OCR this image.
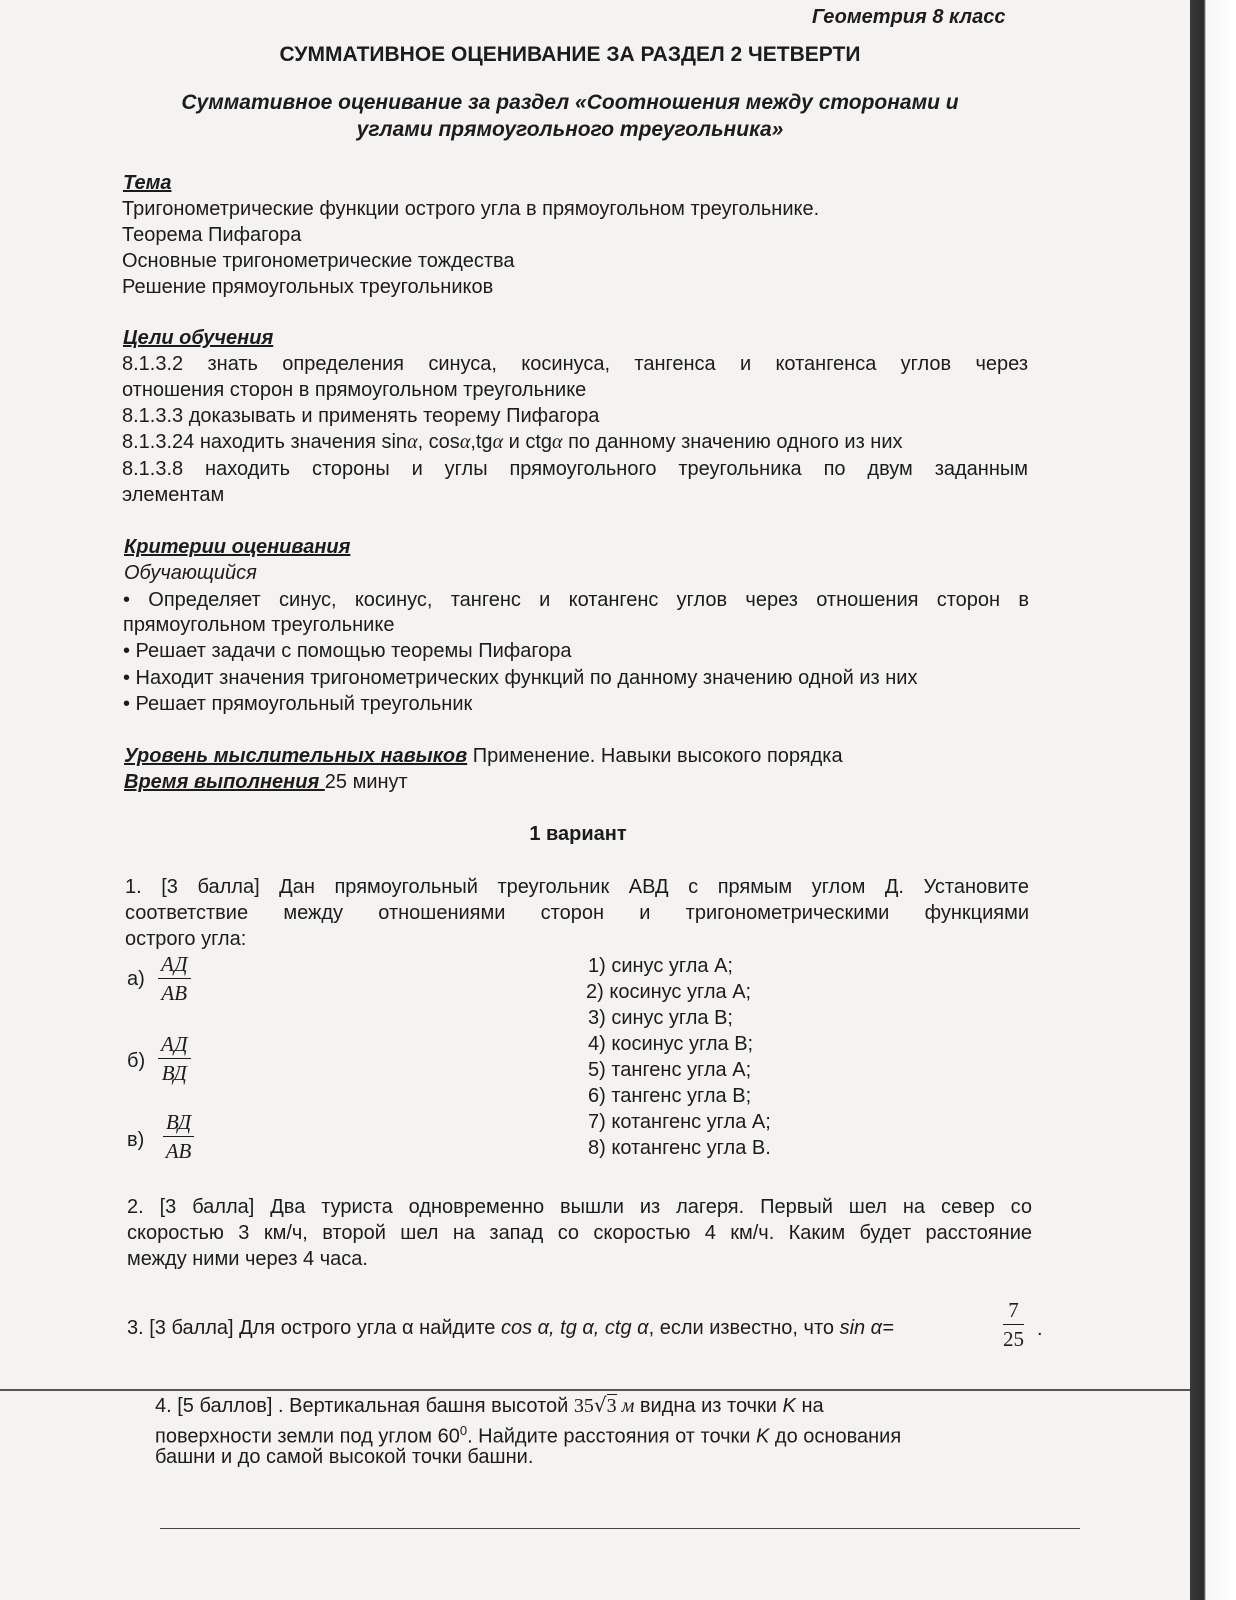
Геометрия 8 класс
СУММАТИВНОЕ ОЦЕНИВАНИЕ ЗА РАЗДЕЛ 2 ЧЕТВЕРТИ
Суммативное оценивание за раздел «Соотношения между сторонами и
углами прямоугольного треугольника»
Тема
Тригонометрические функции острого угла в прямоугольном треугольнике.
Теорема Пифагора
Основные тригонометрические тождества
Решение прямоугольных треугольников
Цели обучения
8.1.3.2 знать определения синуса, косинуса, тангенса и котангенса углов через
отношения сторон в прямоугольном треугольнике
8.1.3.3 доказывать и применять теорему Пифагора
8.1.3.24 находить значения sinα, cosα,tgα и ctgα по данному значению одного из них
8.1.3.8 находить стороны и углы прямоугольного треугольника по двум заданным
элементам
Критерии оценивания
Обучающийся
• Определяет синус, косинус, тангенс и котангенс углов через отношения сторон в
прямоугольном треугольнике
• Решает задачи с помощью теоремы Пифагора
• Находит значения тригонометрических функций по данному значению одной из них
• Решает прямоугольный треугольник
Уровень мыслительных навыков Применение. Навыки высокого порядка
Время выполнения 25 минут
1 вариант
1. [3 балла] Дан прямоугольный треугольник АВД с прямым углом Д. Установите
соответствие между отношениями сторон и тригонометрическими функциями
острого угла:
а)
АД
АВ
б)
АД
ВД
в)
ВД
АВ
1) синус угла А;
2) косинус угла А;
3) синус угла В;
4) косинус угла В;
5) тангенс угла А;
6) тангенс угла В;
7) котангенс угла А;
8) котангенс угла В.
2. [3 балла] Два туриста одновременно вышли из лагеря. Первый шел на север со
скоростью 3 км/ч, второй шел на запад со скоростью 4 км/ч. Каким будет расстояние
между ними через 4 часа.
3. [3 балла] Для острого угла α найдите cos α, tg α, ctg α, если известно, что sin α=	$\frac{7}{25}$ .
4. [5 баллов] . Вертикальная башня высотой 35√3 м видна из точки K на
поверхности земли под углом $60^0$. Найдите расстояния от точки K до основания
башни и до самой высокой точки башни.
